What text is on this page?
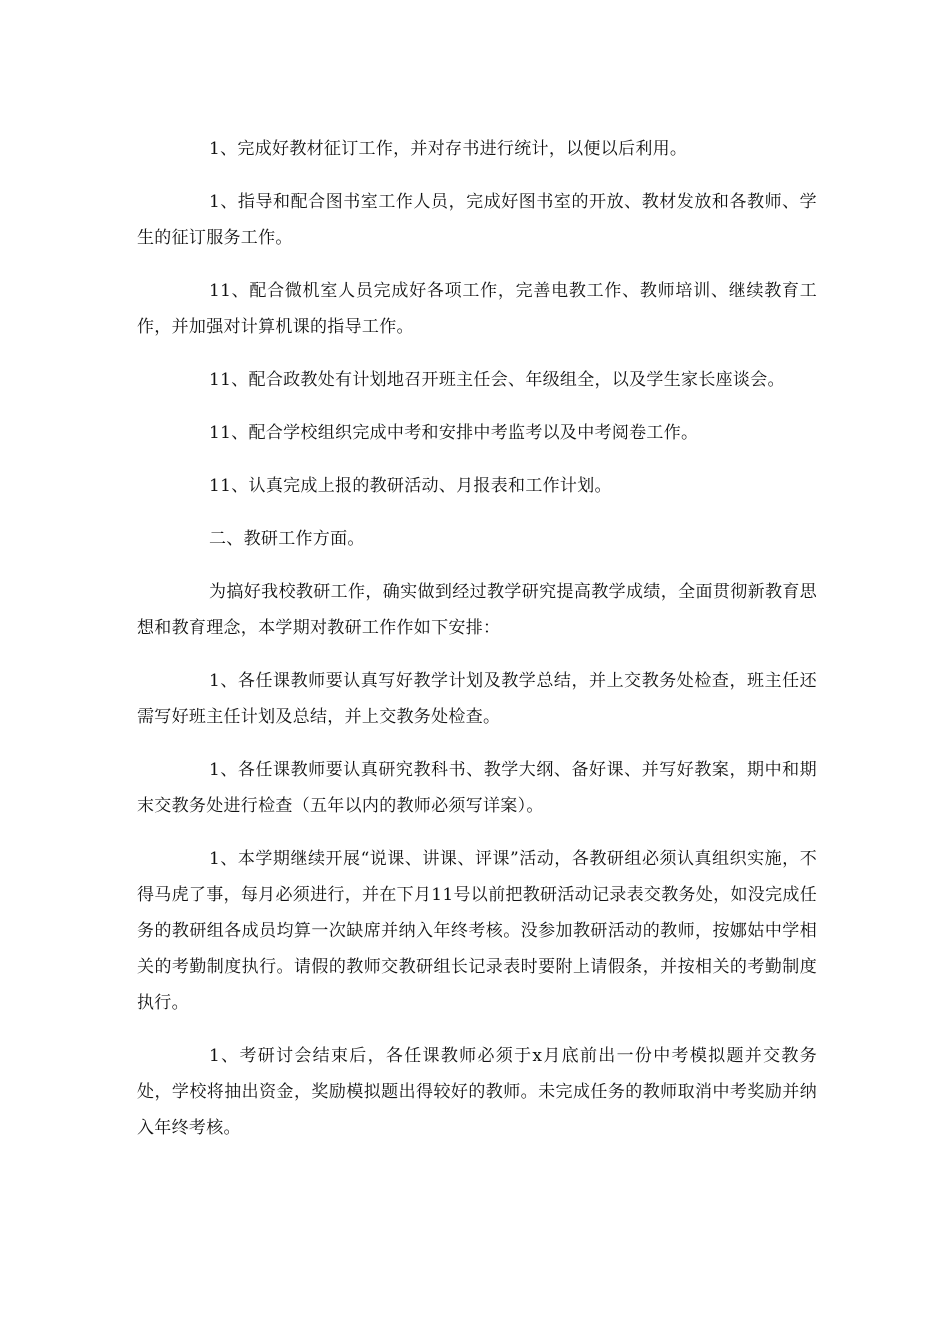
1、完成好教材征订工作，并对存书进行统计，以便以后利用。

1、指导和配合图书室工作人员，完成好图书室的开放、教材发放和各教师、学生的征订服务工作。

11、配合微机室人员完成好各项工作，完善电教工作、教师培训、继续教育工作，并加强对计算机课的指导工作。

11、配合政教处有计划地召开班主任会、年级组全，以及学生家长座谈会。

11、配合学校组织完成中考和安排中考监考以及中考阅卷工作。

11、认真完成上报的教研活动、月报表和工作计划。

二、教研工作方面。

为搞好我校教研工作，确实做到经过教学研究提高教学成绩，全面贯彻新教育思想和教育理念，本学期对教研工作作如下安排：

1、各任课教师要认真写好教学计划及教学总结，并上交教务处检查，班主任还需写好班主任计划及总结，并上交教务处检查。

1、各任课教师要认真研究教科书、教学大纲、备好课、并写好教案，期中和期末交教务处进行检查（五年以内的教师必须写详案）。

1、本学期继续开展“说课、讲课、评课”活动，各教研组必须认真组织实施，不得马虎了事，每月必须进行，并在下月11号以前把教研活动记录表交教务处，如没完成任务的教研组各成员均算一次缺席并纳入年终考核。没参加教研活动的教师，按娜姑中学相关的考勤制度执行。请假的教师交教研组长记录表时要附上请假条，并按相关的考勤制度执行。

1、考研讨会结束后，各任课教师必须于x月底前出一份中考模拟题并交教务处，学校将抽出资金，奖励模拟题出得较好的教师。未完成任务的教师取消中考奖励并纳入年终考核。
